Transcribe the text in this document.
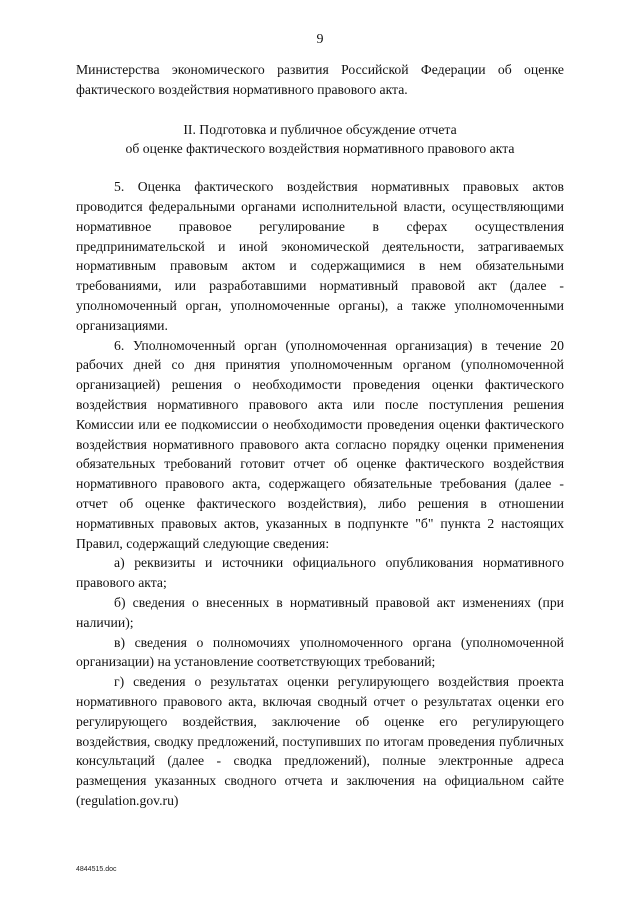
9

Министерства экономического развития Российской Федерации об оценке фактического воздействия нормативного правового акта.

II. Подготовка и публичное обсуждение отчета
об оценке фактического воздействия нормативного правового акта

5. Оценка фактического воздействия нормативных правовых актов проводится федеральными органами исполнительной власти, осуществляющими нормативное правовое регулирование в сферах осуществления предпринимательской и иной экономической деятельности, затрагиваемых нормативным правовым актом и содержащимися в нем обязательными требованиями, или разработавшими нормативный правовой акт (далее - уполномоченный орган, уполномоченные органы), а также уполномоченными организациями.

6. Уполномоченный орган (уполномоченная организация) в течение 20 рабочих дней со дня принятия уполномоченным органом (уполномоченной организацией) решения о необходимости проведения оценки фактического воздействия нормативного правового акта или после поступления решения Комиссии или ее подкомиссии о необходимости проведения оценки фактического воздействия нормативного правового акта согласно порядку оценки применения обязательных требований готовит отчет об оценке фактического воздействия нормативного правового акта, содержащего обязательные требования (далее - отчет об оценке фактического воздействия), либо решения в отношении нормативных правовых актов, указанных в подпункте "б" пункта 2 настоящих Правил, содержащий следующие сведения:

а) реквизиты и источники официального опубликования нормативного правового акта;

б) сведения о внесенных в нормативный правовой акт изменениях (при наличии);

в) сведения о полномочиях уполномоченного органа (уполномоченной организации) на установление соответствующих требований;

г) сведения о результатах оценки регулирующего воздействия проекта нормативного правового акта, включая сводный отчет о результатах оценки его регулирующего воздействия, заключение об оценке его регулирующего воздействия, сводку предложений, поступивших по итогам проведения публичных консультаций (далее - сводка предложений), полные электронные адреса размещения указанных сводного отчета и заключения на официальном сайте (regulation.gov.ru)

4844515.doc
